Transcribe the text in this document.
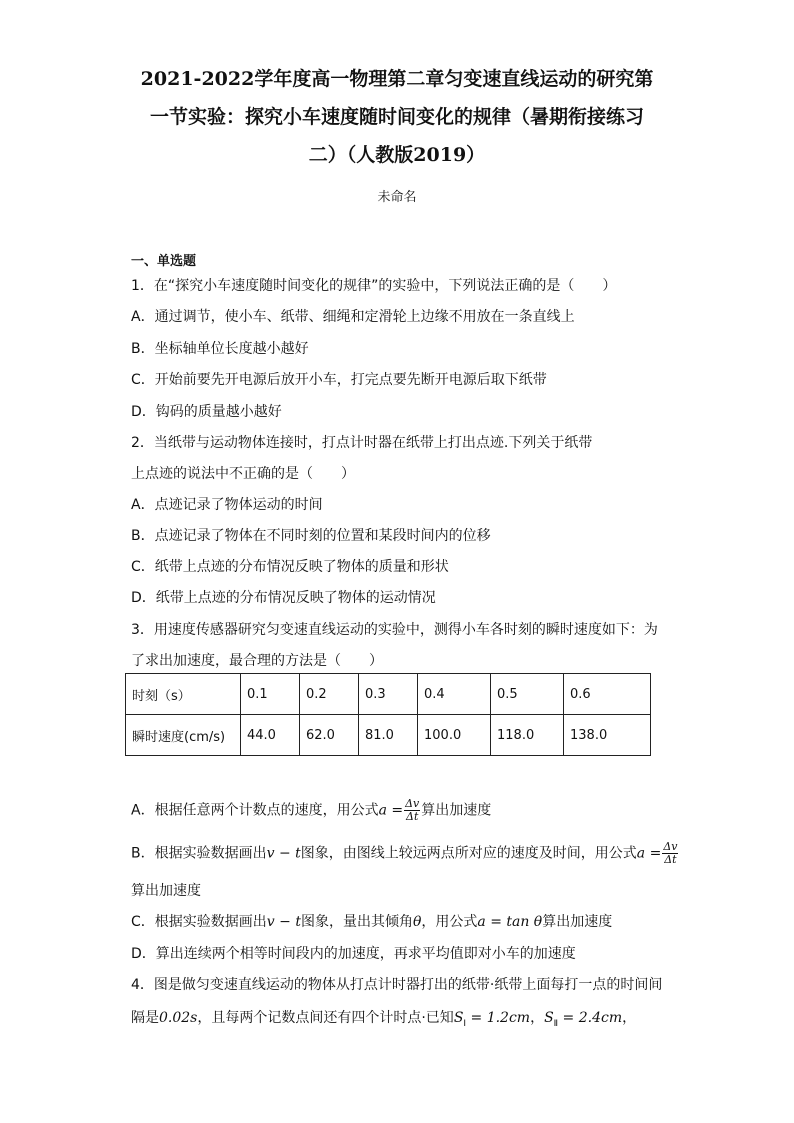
2021-2022学年度高一物理第二章匀变速直线运动的研究第
一节实验：探究小车速度随时间变化的规律（暑期衔接练习
二）（人教版2019）
未命名
一、单选题
1．在“探究小车速度随时间变化的规律”的实验中，下列说法正确的是（　　）
A．通过调节，使小车、纸带、细绳和定滑轮上边缘不用放在一条直线上
B．坐标轴单位长度越小越好
C．开始前要先开电源后放开小车，打完点要先断开电源后取下纸带
D．钩码的质量越小越好
2．当纸带与运动物体连接时，打点计时器在纸带上打出点迹.下列关于纸带
上点迹的说法中不正确的是（　　）
A．点迹记录了物体运动的时间
B．点迹记录了物体在不同时刻的位置和某段时间内的位移
C．纸带上点迹的分布情况反映了物体的质量和形状
D．纸带上点迹的分布情况反映了物体的运动情况
3．用速度传感器研究匀变速直线运动的实验中，测得小车各时刻的瞬时速度如下：为
了求出加速度，最合理的方法是（　　）
时刻（s）	0.1	0.2	0.3	0.4	0.5	0.6
瞬时速度(cm/s)	44.0	62.0	81.0	100.0	118.0	138.0
A．根据任意两个计数点的速度，用公式$a = \frac{\Delta v}{\Delta t}$ 算出加速度
B．根据实验数据画出v − t图象，由图线上较远两点所对应的速度及时间，用公式$a = \frac{\Delta v}{\Delta t}$
算出加速度
C．根据实验数据画出v − t图象，量出其倾角θ，用公式a = tan θ算出加速度
D．算出连续两个相等时间段内的加速度，再求平均值即对小车的加速度
4．图是做匀变速直线运动的物体从打点计时器打出的纸带·纸带上面每打一点的时间间
隔是0.02s，且每两个记数点间还有四个计时点·已知$S_Ⅰ = 1.2cm$，$S_Ⅱ = 2.4cm$，
